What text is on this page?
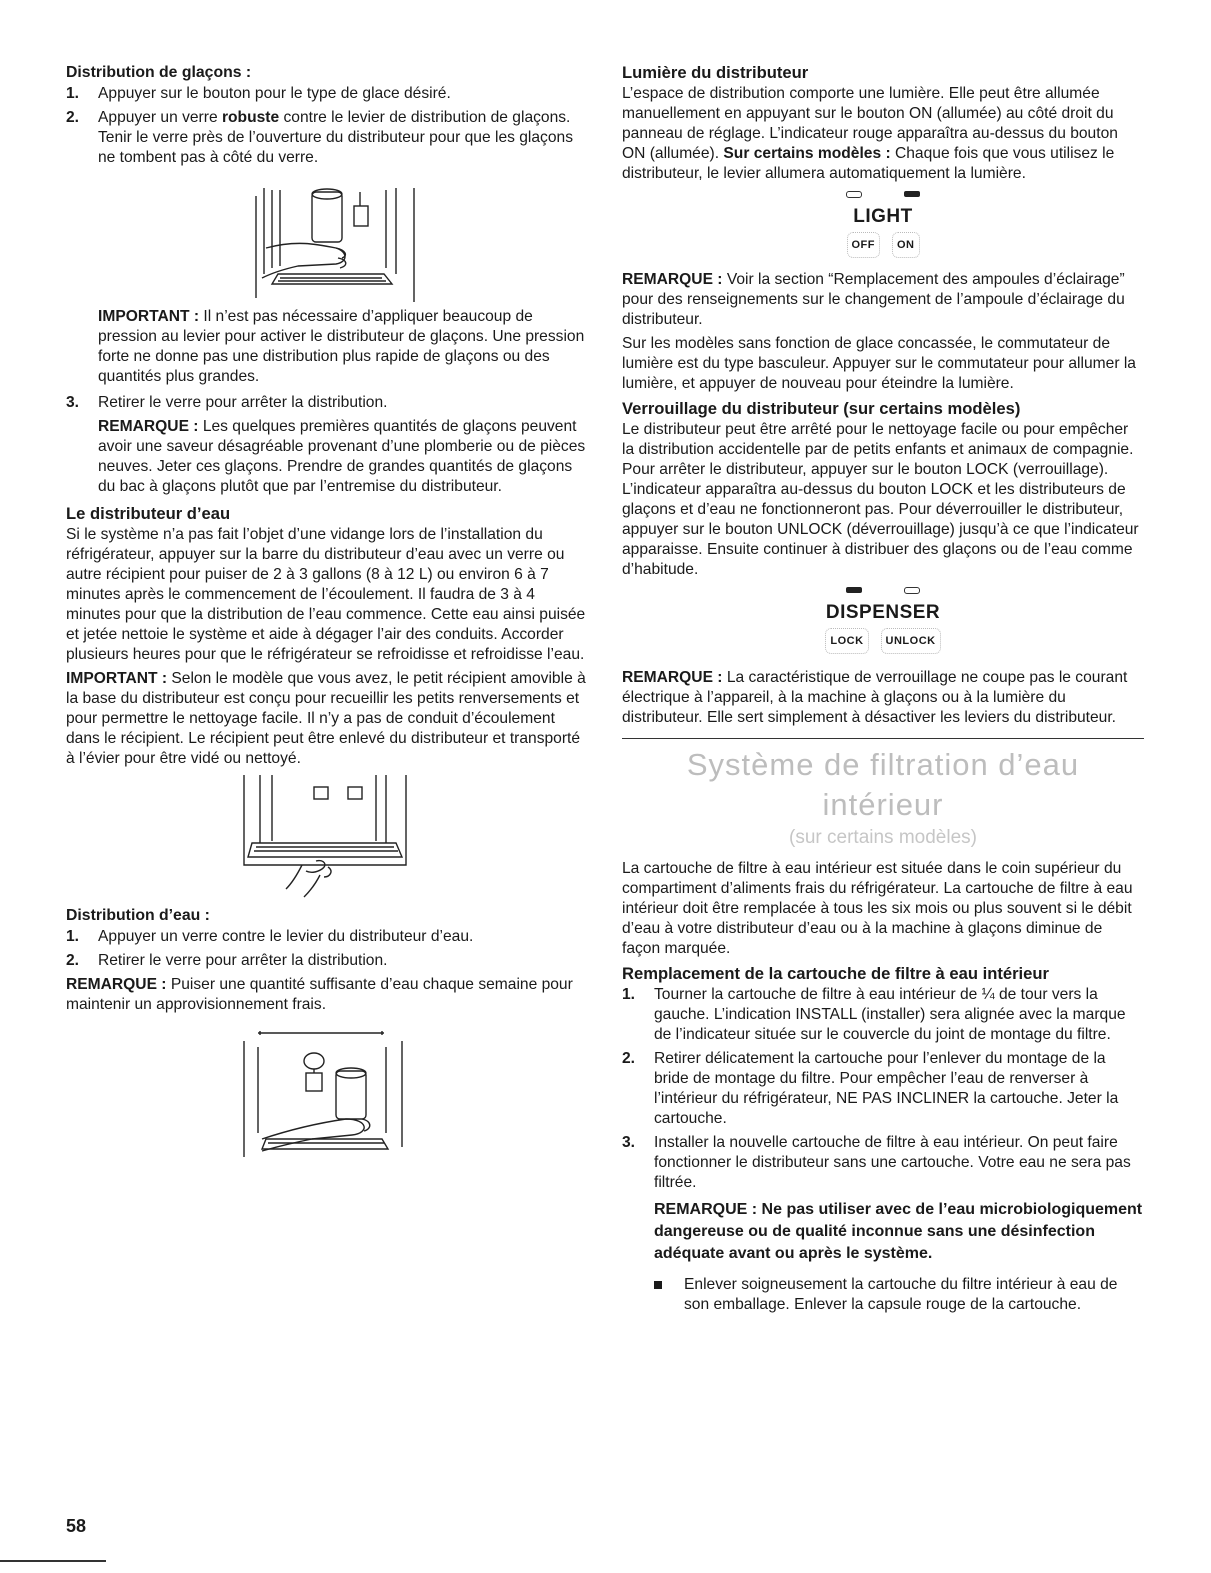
Distribution de glaçons :

1. Appuyer sur le bouton pour le type de glace désiré.
2. Appuyer un verre robuste contre le levier de distribution de glaçons. Tenir le verre près de l’ouverture du distributeur pour que les glaçons ne tombent pas à côté du verre.

IMPORTANT : Il n’est pas nécessaire d’appliquer beaucoup de pression au levier pour activer le distributeur de glaçons. Une pression forte ne donne pas une distribution plus rapide de glaçons ou des quantités plus grandes.

3. Retirer le verre pour arrêter la distribution.

REMARQUE : Les quelques premières quantités de glaçons peuvent avoir une saveur désagréable provenant d’une plomberie ou de pièces neuves. Jeter ces glaçons. Prendre de grandes quantités de glaçons du bac à glaçons plutôt que par l’entremise du distributeur.

Le distributeur d’eau

Si le système n’a pas fait l’objet d’une vidange lors de l’installation du réfrigérateur, appuyer sur la barre du distributeur d’eau avec un verre ou autre récipient pour puiser de 2 à 3 gallons (8 à 12 L) ou environ 6 à 7 minutes après le commencement de l’écoulement. Il faudra de 3 à 4 minutes pour que la distribution de l’eau commence. Cette eau ainsi puisée et jetée nettoie le système et aide à dégager l’air des conduits. Accorder plusieurs heures pour que le réfrigérateur se refroidisse et refroidisse l’eau.

IMPORTANT : Selon le modèle que vous avez, le petit récipient amovible à la base du distributeur est conçu pour recueillir les petits renversements et pour permettre le nettoyage facile. Il n’y a pas de conduit d’écoulement dans le récipient. Le récipient peut être enlevé du distributeur et transporté à l’évier pour être vidé ou nettoyé.

Distribution d’eau :

1. Appuyer un verre contre le levier du distributeur d’eau.
2. Retirer le verre pour arrêter la distribution.

REMARQUE : Puiser une quantité suffisante d’eau chaque semaine pour maintenir un approvisionnement frais.

Lumière du distributeur

L’espace de distribution comporte une lumière. Elle peut être allumée manuellement en appuyant sur le bouton ON (allumée) au côté droit du panneau de réglage. L’indicateur rouge apparaîtra au-dessus du bouton ON (allumée). Sur certains modèles : Chaque fois que vous utilisez le distributeur, le levier allumera automatiquement la lumière.

LIGHT
OFF	ON

REMARQUE : Voir la section “Remplacement des ampoules d’éclairage” pour des renseignements sur le changement de l’ampoule d’éclairage du distributeur.

Sur les modèles sans fonction de glace concassée, le commutateur de lumière est du type basculeur. Appuyer sur le commutateur pour allumer la lumière, et appuyer de nouveau pour éteindre la lumière.

Verrouillage du distributeur (sur certains modèles)

Le distributeur peut être arrêté pour le nettoyage facile ou pour empêcher la distribution accidentelle par de petits enfants et animaux de compagnie. Pour arrêter le distributeur, appuyer sur le bouton LOCK (verrouillage). L’indicateur apparaîtra au-dessus du bouton LOCK et les distributeurs de glaçons et d’eau ne fonctionneront pas. Pour déverrouiller le distributeur, appuyer sur le bouton UNLOCK (déverrouillage) jusqu’à ce que l’indicateur apparaisse. Ensuite continuer à distribuer des glaçons ou de l’eau comme d’habitude.

DISPENSER
LOCK	UNLOCK

REMARQUE : La caractéristique de verrouillage ne coupe pas le courant électrique à l’appareil, à la machine à glaçons ou à la lumière du distributeur. Elle sert simplement à désactiver les leviers du distributeur.

Système de filtration d’eau intérieur
(sur certains modèles)

La cartouche de filtre à eau intérieur est située dans le coin supérieur du compartiment d’aliments frais du réfrigérateur. La cartouche de filtre à eau intérieur doit être remplacée à tous les six mois ou plus souvent si le débit d’eau à votre distributeur d’eau ou à la machine à glaçons diminue de façon marquée.

Remplacement de la cartouche de filtre à eau intérieur

1. Tourner la cartouche de filtre à eau intérieur de ¼ de tour vers la gauche. L’indication INSTALL (installer) sera alignée avec la marque de l’indicateur située sur le couvercle du joint de montage du filtre.
2. Retirer délicatement la cartouche pour l’enlever du montage de la bride de montage du filtre. Pour empêcher l’eau de renverser à l’intérieur du réfrigérateur, NE PAS INCLINER la cartouche. Jeter la cartouche.
3. Installer la nouvelle cartouche de filtre à eau intérieur. On peut faire fonctionner le distributeur sans une cartouche. Votre eau ne sera pas filtrée.

REMARQUE : Ne pas utiliser avec de l’eau microbiologiquement dangereuse ou de qualité inconnue sans une désinfection adéquate avant ou après le système.

Enlever soigneusement la cartouche du filtre intérieur à eau de son emballage. Enlever la capsule rouge de la cartouche.
58
